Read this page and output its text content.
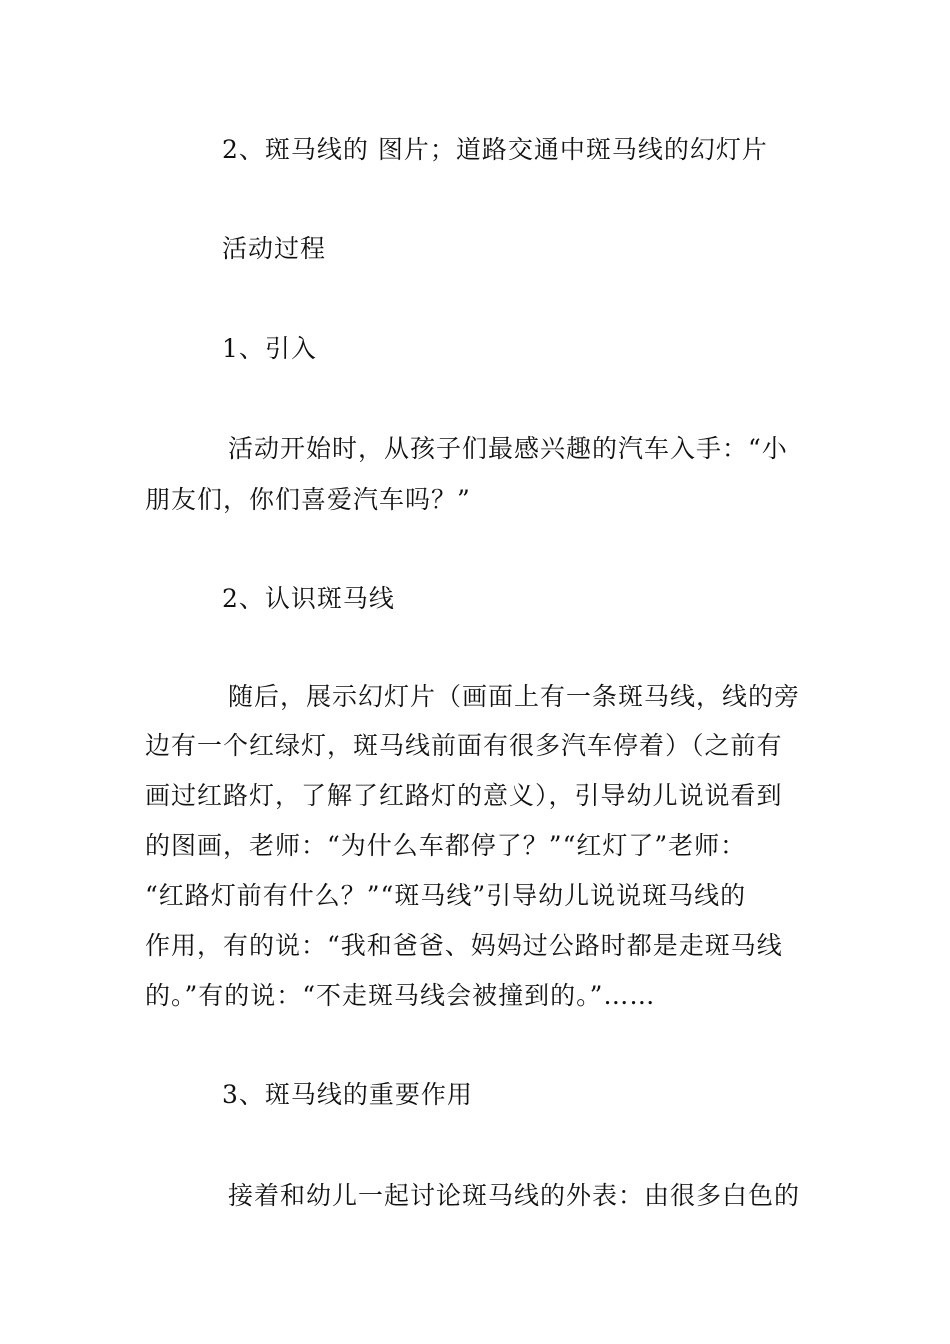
2、斑马线的 图片；道路交通中斑马线的幻灯片
活动过程
1、引入
活动开始时，从孩子们最感兴趣的汽车入手：“小
朋友们，你们喜爱汽车吗？”
2、认识斑马线
随后，展示幻灯片（画面上有一条斑马线，线的旁
边有一个红绿灯，斑马线前面有很多汽车停着）（之前有
画过红路灯，了解了红路灯的意义），引导幼儿说说看到
的图画，老师：“为什么车都停了？”“红灯了”老师：
“红路灯前有什么？”“斑马线”引导幼儿说说斑马线的
作用，有的说：“我和爸爸、妈妈过公路时都是走斑马线
的。”有的说：“不走斑马线会被撞到的。”……
3、斑马线的重要作用
接着和幼儿一起讨论斑马线的外表：由很多白色的
